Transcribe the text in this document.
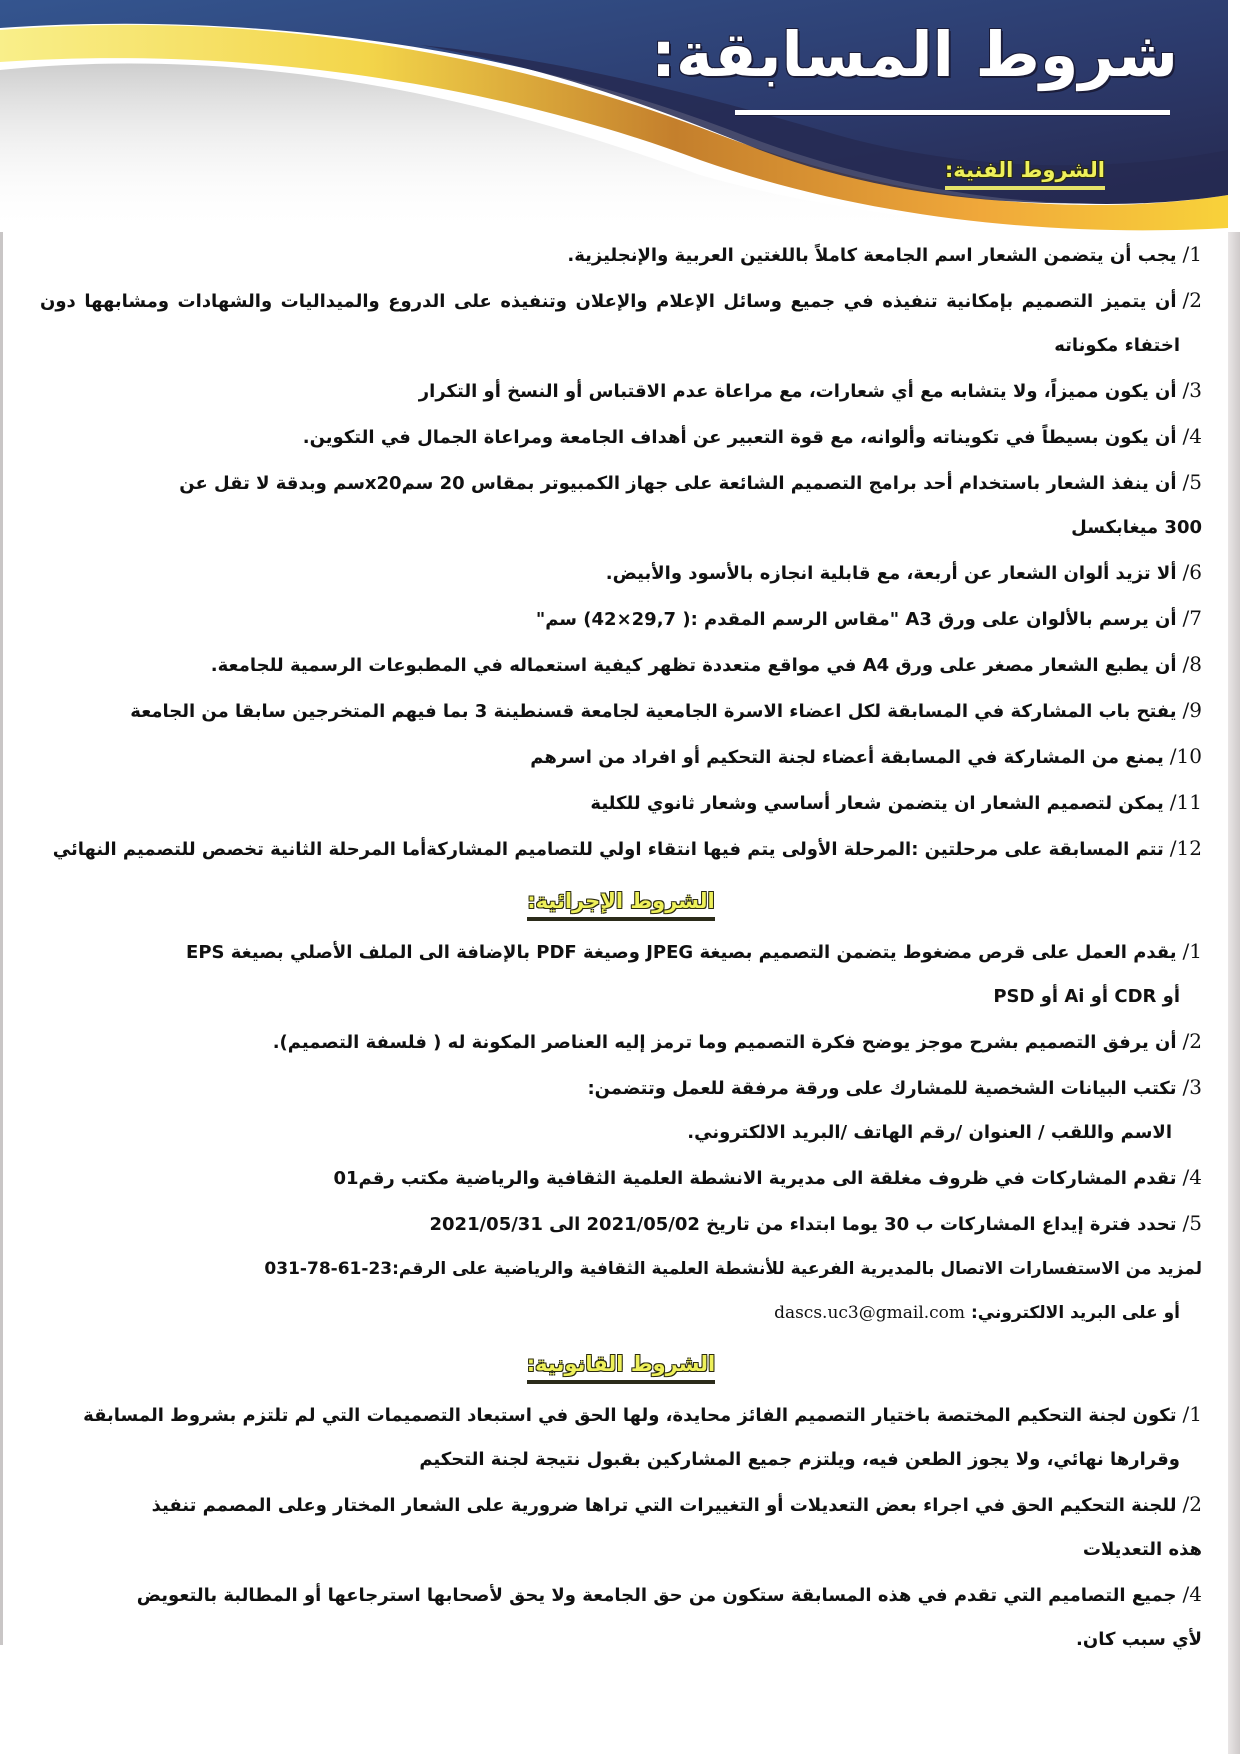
شروط المسابقة:
الشروط الفنية:
1/يجب أن يتضمن الشعار اسم الجامعة كاملاً باللغتين العربية والإنجليزية.
2/أن يتميز التصميم بإمكانية تنفيذه في جميع وسائل الإعلام والإعلان وتنفيذه على الدروع والميداليات والشهادات ومشابهها دون
اختفاء مكوناته
3/أن يكون مميزاً، ولا يتشابه مع أي شعارات، مع مراعاة عدم الاقتباس أو النسخ أو التكرار
4/أن يكون بسيطاً في تكويناته وألوانه، مع قوة التعبير عن أهداف الجامعة ومراعاة الجمال في التكوين.
5/أن ينفذ الشعار باستخدام أحد برامج التصميم الشائعة على جهاز الكمبيوتر بمقاس 20 سمx20سم وبدقة لا تقل عن
300 ميغابكسل
6/ألا تزيد ألوان الشعار عن أربعة، مع قابلية انجازه بالأسود والأبيض.
7/أن يرسم بالألوان على ورق A3 "مقاس الرسم المقدم :( 29,7×42) سم"
8/أن يطبع الشعار مصغر على ورق A4 في مواقع متعددة تظهر كيفية استعماله في المطبوعات الرسمية للجامعة.
9/يفتح باب المشاركة في المسابقة لكل اعضاء الاسرة الجامعية لجامعة قسنطينة 3 بما فيهم المتخرجين سابقا من الجامعة
10/يمنع من المشاركة في المسابقة أعضاء لجنة التحكيم أو افراد من اسرهم
11/يمكن لتصميم الشعار ان يتضمن شعار أساسي وشعار ثانوي للكلية
12/تتم المسابقة على مرحلتين :المرحلة الأولى يتم فيها انتقاء اولي للتصاميم المشاركةأما المرحلة الثانية تخصص للتصميم النهائي
الشروط الإجرائية:
1/يقدم العمل على قرص مضغوط يتضمن التصميم بصيغة JPEG وصيغة PDF بالإضافة الى الملف الأصلي بصيغة EPS
أو CDR أو Ai أو PSD
2/أن يرفق التصميم بشرح موجز يوضح فكرة التصميم وما ترمز إليه العناصر المكونة له ( فلسفة التصميم).
3/تكتب البيانات الشخصية للمشارك على ورقة مرفقة للعمل وتتضمن:
الاسم واللقب / العنوان /رقم الهاتف /البريد الالكتروني.
4/تقدم المشاركات في ظروف مغلقة الى مديرية الانشطة العلمية الثقافية والرياضية مكتب رقم01
5/تحدد فترة إيداع المشاركات ب 30 يوما ابتداء من تاريخ 2021/05/02 الى 2021/05/31
لمزيد من الاستفسارات الاتصال بالمديرية الفرعية للأنشطة العلمية الثقافية والرياضية على الرقم:23-61-78-031
أو على البريد الالكتروني: dascs.uc3@gmail.com
الشروط القانونية:
1/تكون لجنة التحكيم المختصة باختيار التصميم الفائز محايدة، ولها الحق في استبعاد التصميمات التي لم تلتزم بشروط المسابقة
وقرارها نهائي، ولا يجوز الطعن فيه، ويلتزم جميع المشاركين بقبول نتيجة لجنة التحكيم
2/للجنة التحكيم الحق في اجراء بعض التعديلات أو التغييرات التي تراها ضرورية على الشعار المختار وعلى المصمم تنفيذ
هذه التعديلات
4/جميع التصاميم التي تقدم في هذه المسابقة ستكون من حق الجامعة ولا يحق لأصحابها استرجاعها أو المطالبة بالتعويض
لأي سبب كان.
